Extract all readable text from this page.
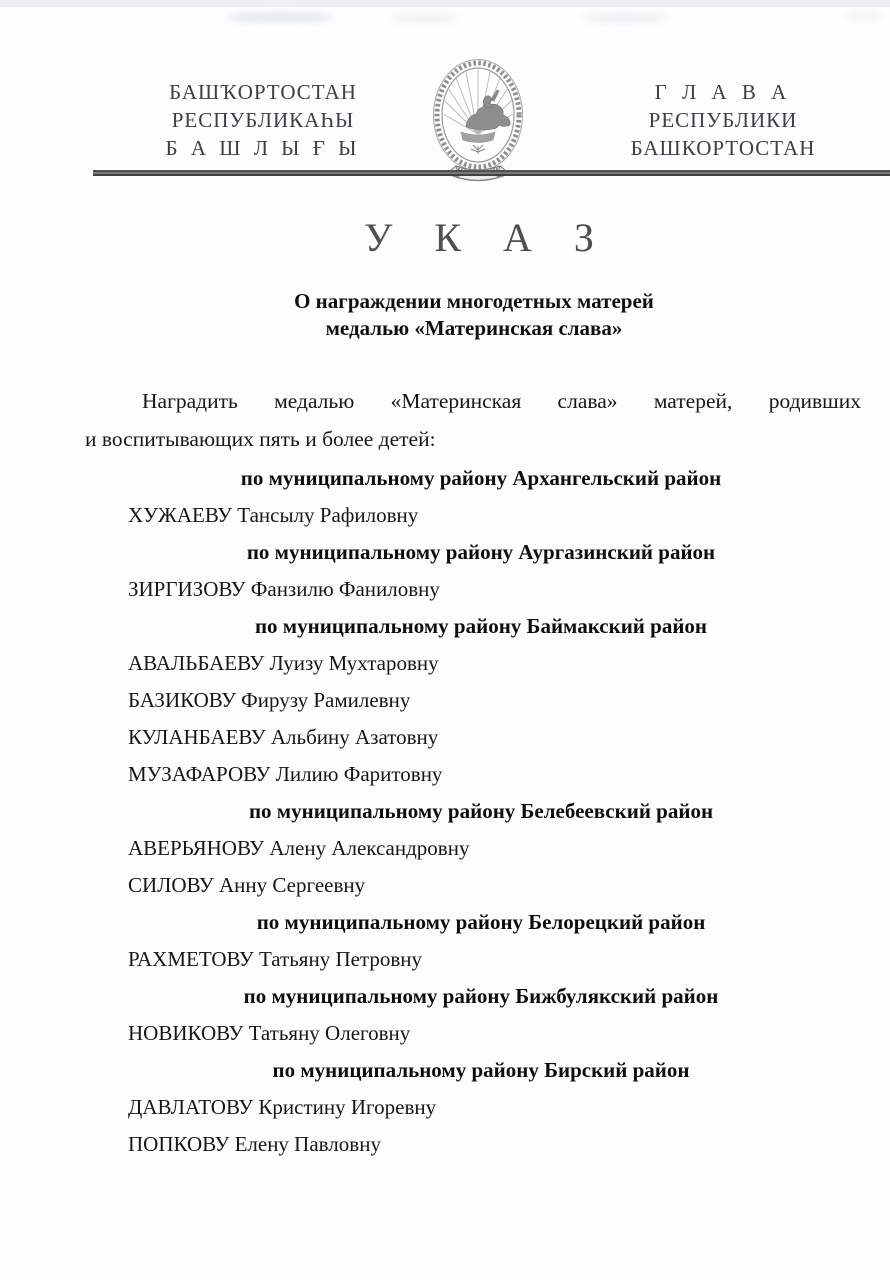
БАШҠОРТОСТАН
РЕСПУБЛИКАҺЫ
Б А Ш Л Ы Ғ Ы
Г Л А В А
РЕСПУБЛИКИ
БАШКОРТОСТАН
У К А З
О награждении многодетных матерей
медалью «Материнская слава»
Наградить медалью «Материнская слава» матерей, родивших
и воспитывающих пять и более детей:
по муниципальному району Архангельский район
ХУЖАЕВУ Тансылу Рафиловну
по муниципальному району Аургазинский район
ЗИРГИЗОВУ Фанзилю Фаниловну
по муниципальному району Баймакский район
АВАЛЬБАЕВУ Луизу Мухтаровну
БАЗИКОВУ Фирузу Рамилевну
КУЛАНБАЕВУ Альбину Азатовну
МУЗАФАРОВУ Лилию Фаритовну
по муниципальному району Белебеевский район
АВЕРЬЯНОВУ Алену Александровну
СИЛОВУ Анну Сергеевну
по муниципальному району Белорецкий район
РАХМЕТОВУ Татьяну Петровну
по муниципальному району Бижбулякский район
НОВИКОВУ Татьяну Олеговну
по муниципальному району Бирский район
ДАВЛАТОВУ Кристину Игоревну
ПОПКОВУ Елену Павловну
